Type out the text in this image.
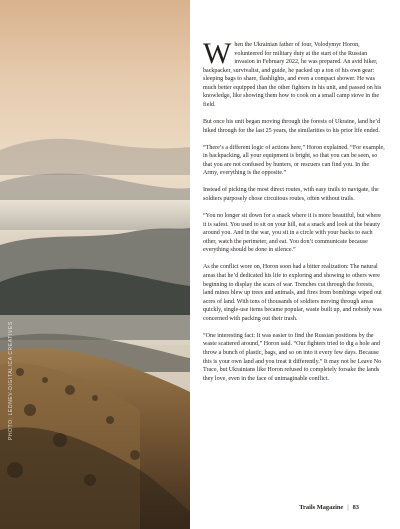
PHOTO: LEDNEV-DIGITALICA CREATIVES

When the Ukrainian father of four, Volodymyr Horon, volunteered for military duty at the start of the Russian invasion in February 2022, he was prepared. An avid hiker, backpacker, survivalist, and guide, he packed up a ton of his own gear: sleeping bags to share, flashlights, and even a compact shower. He was much better equipped than the other fighters in his unit, and passed on his knowledge, like showing them how to cook on a small camp stove in the field.

But once his unit began moving through the forests of Ukraine, land he’d hiked through for the last 25 years, the similarities to his prior life ended.

“There’s a different logic of actions here,” Horon explained. “For example, in backpacking, all your equipment is bright, so that you can be seen, so that you are not confused by hunters, or rescuers can find you. In the Army, everything is the opposite.”

Instead of picking the most direct routes, with easy trails to navigate, the soldiers purposely chose circuitous routes, often without trails.

“You no longer sit down for a snack where it is more beautiful, but where it is safest. You used to sit on your hill, eat a snack and look at the beauty around you. And in the war, you sit in a circle with your backs to each other, watch the perimeter, and eat. You don’t communicate because everything should be done in silence.”

As the conflict wore on, Horon soon had a bitter realization: The natural areas that he’d dedicated his life to exploring and showing to others were beginning to display the scars of war. Trenches cut through the forests, land mines blew up trees and animals, and fires from bombings wiped out acres of land. With tens of thousands of soldiers moving through areas quickly, single-use items became popular, waste built up, and nobody was concerned with packing out their trash.

“One interesting fact: It was easier to find the Russian positions by the waste scattered around,” Horon said. “Our fighters tried to dig a hole and throw a bunch of plastic, bags, and so on into it every few days. Because this is your own land and you treat it differently.” It may not be Leave No Trace, but Ukrainians like Horon refused to completely forsake the lands they love, even in the face of unimaginable conflict.

Trails Magazine | 83
